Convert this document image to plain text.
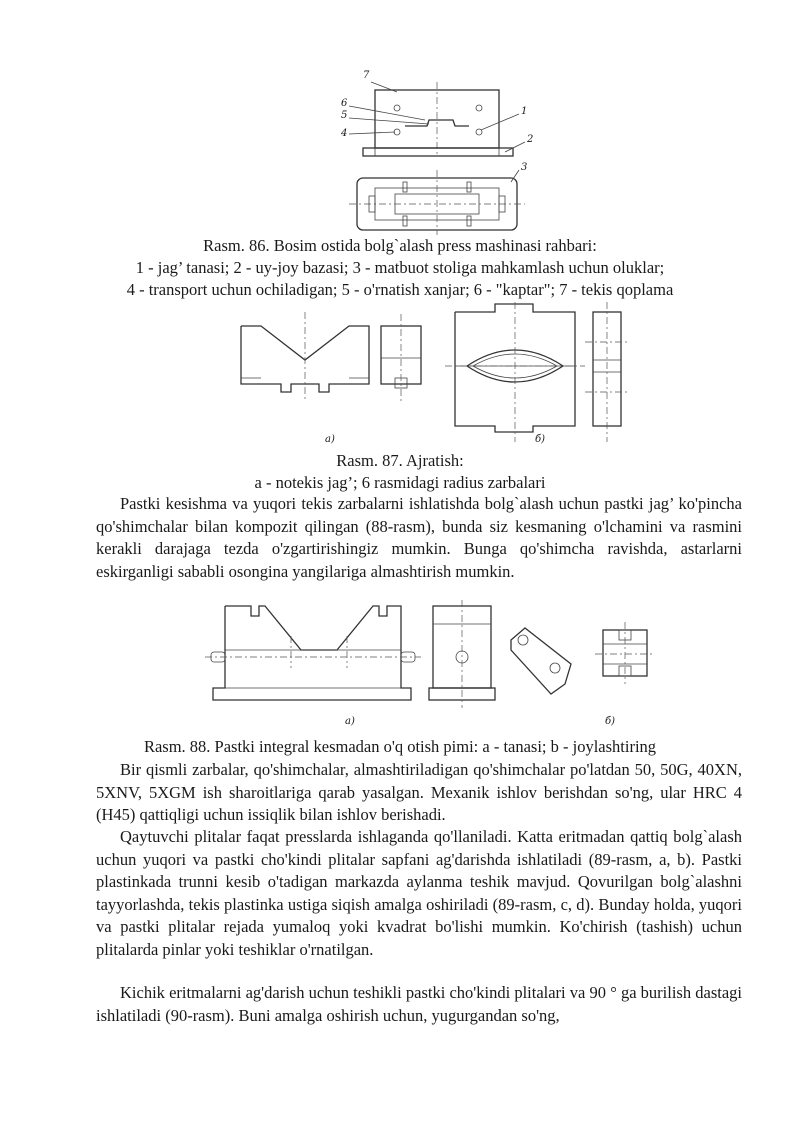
7
6
5
4
1
2
3
Rasm. 86. Bosim ostida bolg`alash press mashinasi rahbari:
1 - jag’ tanasi; 2 - uy-joy bazasi; 3 - matbuot stoliga mahkamlash uchun oluklar;
4 - transport uchun ochiladigan; 5 - o'rnatish xanjar; 6 - "kaptar"; 7 - tekis qoplama
a)	б)
Rasm. 87. Ajratish:
a - notekis jag’; 6 rasmidagi radius zarbalari

Pastki kesishma va yuqori tekis zarbalarni ishlatishda bolg`alash uchun pastki jag’ ko'pincha qo'shimchalar bilan kompozit qilingan (88-rasm), bunda siz kesmaning o'lchamini va rasmini kerakli darajaga tezda o'zgartirishingiz mumkin. Bunga qo'shimcha ravishda, astarlarni eskirganligi sababli osongina yangilariga almashtirish mumkin.

a)	б)
Rasm. 88. Pastki integral kesmadan o'q otish pimi: a - tanasi; b - joylashtiring

Bir qismli zarbalar, qo'shimchalar, almashtiriladigan qo'shimchalar po'latdan 50, 50G, 40XN, 5XNV, 5XGM ish sharoitlariga qarab yasalgan. Mexanik ishlov berishdan so'ng, ular HRC 4 (H45) qattiqligi uchun issiqlik bilan ishlov berishadi.

Qaytuvchi plitalar faqat presslarda ishlaganda qo'llaniladi. Katta eritmadan qattiq bolg`alash uchun yuqori va pastki cho'kindi plitalar sapfani ag'darishda ishlatiladi (89-rasm, a, b). Pastki plastinkada trunni kesib o'tadigan markazda aylanma teshik mavjud. Qovurilgan bolg`alashni tayyorlashda, tekis plastinka ustiga siqish amalga oshiriladi (89-rasm, c, d). Bunday holda, yuqori va pastki plitalar rejada yumaloq yoki kvadrat bo'lishi mumkin. Ko'chirish (tashish) uchun plitalarda pinlar yoki teshiklar o'rnatilgan.

Kichik eritmalarni ag'darish uchun teshikli pastki cho'kindi plitalari va 90 ° ga burilish dastagi ishlatiladi (90-rasm). Buni amalga oshirish uchun, yugurgandan so'ng,
